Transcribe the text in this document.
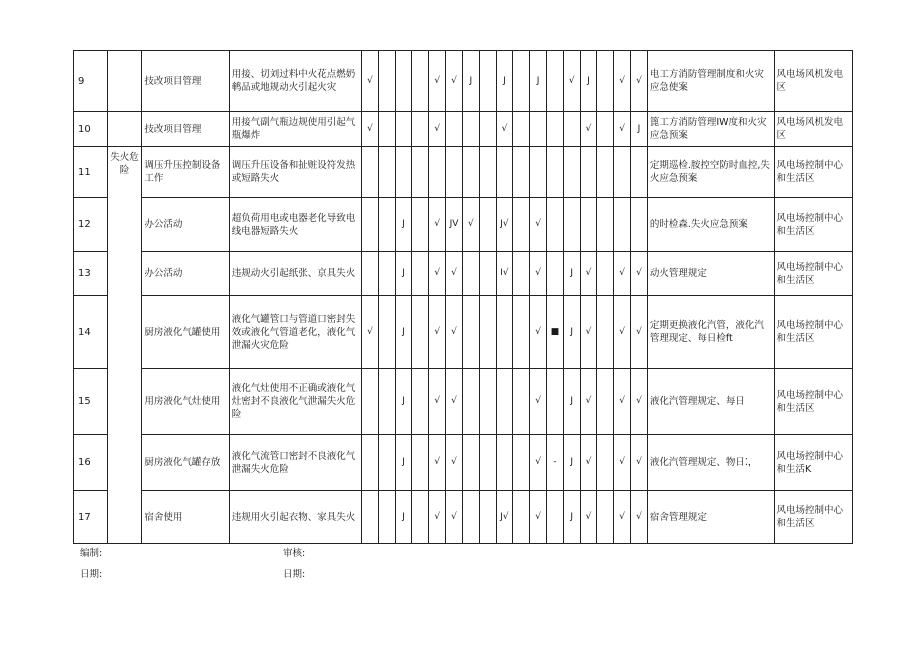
9		技改项目管理	用接、切刘过料中火花点燃奶鹌品或地规动火引起火灾	√				√	√	J		J		J		√	J		√	√	电工方消防管理制度和火灾应急使案	风电场风机发电区
10		技改项目管理	用接气副气瓶边规使用引起气瓶爆炸	√				√				√					√		√	J	篦工方消防管理IW度和火灾应急预案	风电场风机发电区
11	失火危险	调压升压控制设备工作	调压升压设备和扯赃设符发热或短路失火																		定期巡检.胺控空防时血控,失火应急预案	风电场控制中心和生活区
12		办公活动	超负荷用电或电器老化导致电线电器短路失火			J		√	JV	√		J√		√							的时检森.失火应急预案	风电场控制中心和生活区
13		办公活动	违规动火引起纸张、京具失火			J		√	√			I√		√		J	√		√	√	动火管理规定	风电场控制中心和生活区
14		厨房液化气罐使用	液化气罐管口与管道口密封失效或液化气管道老化，液化气泄漏火灾危险	√		J		√	√					√	■	J	√		√	√	定期更换液化汽管，液化汽管理现定、每日检ft	风电场控制中心和生活区
15		用房液化气灶使用	液化气灶使用不正确或液化气灶密封不良液化气泄漏失火危险			J		√	√					√		J	√		√	√	液化汽管理规定、每日	风电场控制中心和生活区
16		厨房液化气罐存放	液化气流管口密封不良液化气泄漏失火危险			J		√	√					√	-	J	√		√	√	液化汽管理规定、物日⁚，	风电场控制中心和生活K
17		宿舍使用	违规用火引起衣物、家具失火			J		√	√			J√		√		J	√		√	√	宿舍管理规定	风电场控制中心和生活区
编制:	审核:
日期:	日期:
